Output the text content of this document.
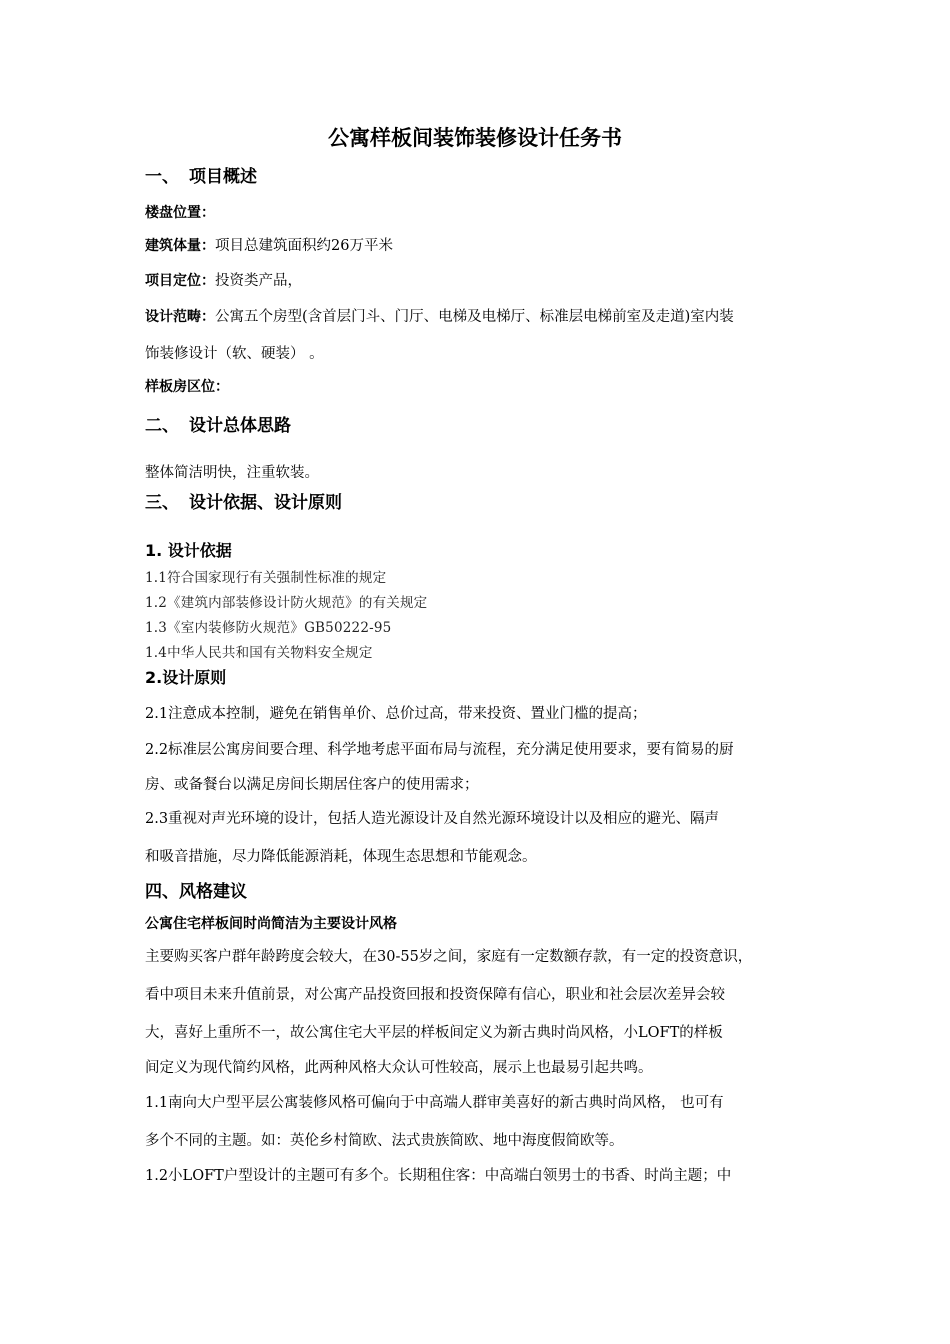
公寓样板间装饰装修设计任务书
一、 项目概述
楼盘位置：
建筑体量：项目总建筑面积约26万平米
项目定位：投资类产品，
设计范畴：公寓五个房型(含首层门斗、门厅、电梯及电梯厅、标准层电梯前室及走道)室内装
饰装修设计（软、硬装） 。
样板房区位：
二、 设计总体思路
整体简洁明快，注重软装。
三、 设计依据、设计原则
1. 设计依据
1.1符合国家现行有关强制性标准的规定
1.2《建筑内部装修设计防火规范》的有关规定
1.3《室内装修防火规范》GB50222-95
1.4中华人民共和国有关物料安全规定
2.设计原则
2.1注意成本控制，避免在销售单价、总价过高，带来投资、置业门槛的提高；
2.2标准层公寓房间要合理、科学地考虑平面布局与流程，充分满足使用要求，要有简易的厨
房、或备餐台以满足房间长期居住客户的使用需求；
2.3重视对声光环境的设计，包括人造光源设计及自然光源环境设计以及相应的避光、隔声
和吸音措施，尽力降低能源消耗，体现生态思想和节能观念。
四、风格建议
公寓住宅样板间时尚简洁为主要设计风格
主要购买客户群年龄跨度会较大，在30-55岁之间，家庭有一定数额存款，有一定的投资意识，
看中项目未来升值前景，对公寓产品投资回报和投资保障有信心，职业和社会层次差异会较
大，喜好上重所不一，故公寓住宅大平层的样板间定义为新古典时尚风格，小LOFT的样板
间定义为现代简约风格，此两种风格大众认可性较高，展示上也最易引起共鸣。
1.1南向大户型平层公寓装修风格可偏向于中高端人群审美喜好的新古典时尚风格， 也可有
多个不同的主题。如：英伦乡村简欧、法式贵族简欧、地中海度假简欧等。
1.2小LOFT户型设计的主题可有多个。长期租住客：中高端白领男士的书香、时尚主题；中
